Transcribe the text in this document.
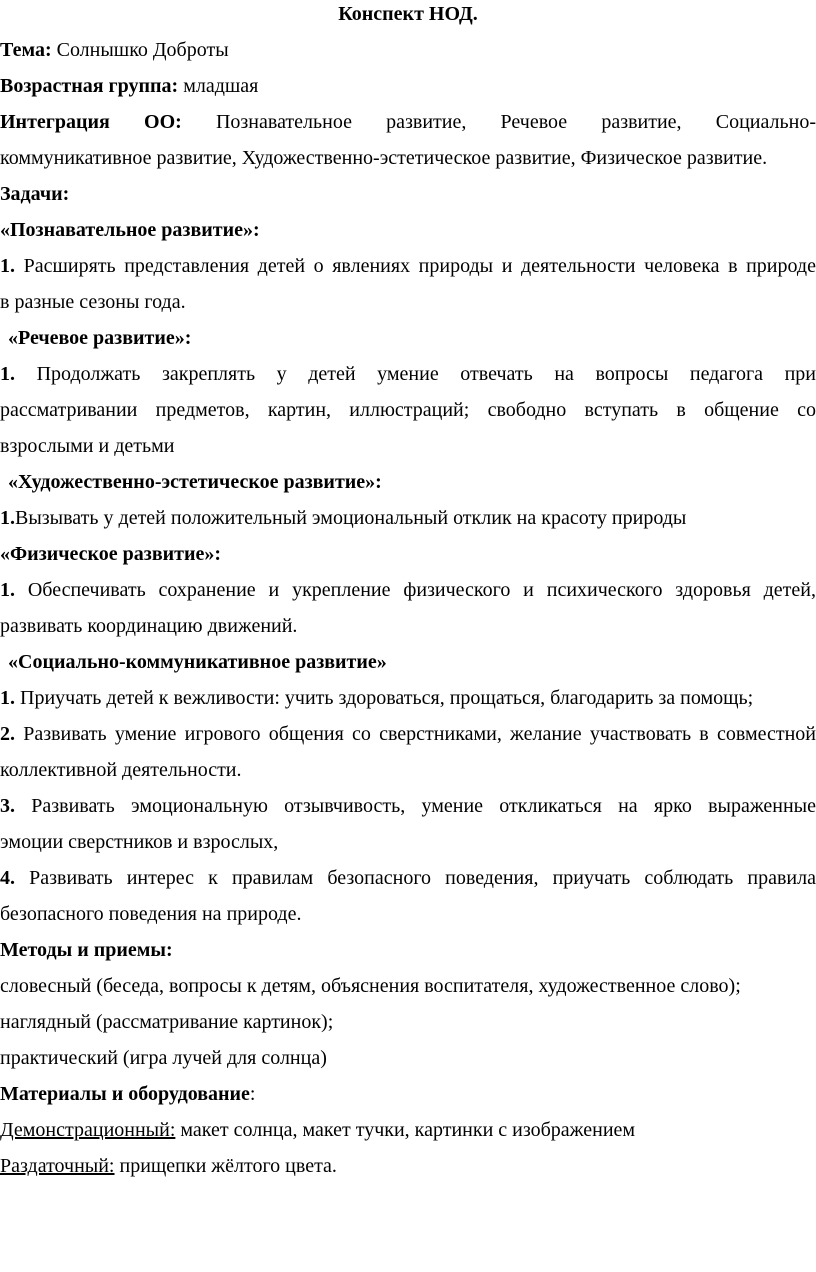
Конспект НОД.
Тема: Солнышко Доброты
Возрастная группа: младшая
Интеграция ОО: Познавательное развитие, Речевое развитие, Социально-
коммуникативное развитие, Художественно-эстетическое развитие, Физическое развитие.
Задачи:
«Познавательное развитие»:
1. Расширять представления детей о явлениях природы и деятельности человека в природе
в разные сезоны года.
«Речевое развитие»:
1. Продолжать закреплять у детей умение отвечать на вопросы педагога при
рассматривании предметов, картин, иллюстраций; свободно вступать в общение со
взрослыми и детьми
«Художественно-эстетическое развитие»:
1.Вызывать у детей положительный эмоциональный отклик на красоту природы
«Физическое развитие»:
1. Обеспечивать сохранение и укрепление физического и психического здоровья детей,
развивать координацию движений.
«Социально-коммуникативное развитие»
1. Приучать детей к вежливости: учить здороваться, прощаться, благодарить за помощь;
2. Развивать умение игрового общения со сверстниками, желание участвовать в совместной
коллективной деятельности.
3. Развивать эмоциональную отзывчивость, умение откликаться на ярко выраженные
эмоции сверстников и взрослых,
4. Развивать интерес к правилам безопасного поведения, приучать соблюдать правила
безопасного поведения на природе.
Методы и приемы:
словесный (беседа, вопросы к детям, объяснения воспитателя, художественное слово);
наглядный (рассматривание картинок);
практический (игра лучей для солнца)
Материалы и оборудование:
Демонстрационный: макет солнца, макет тучки, картинки с изображением
Раздаточный: прищепки жёлтого цвета.
